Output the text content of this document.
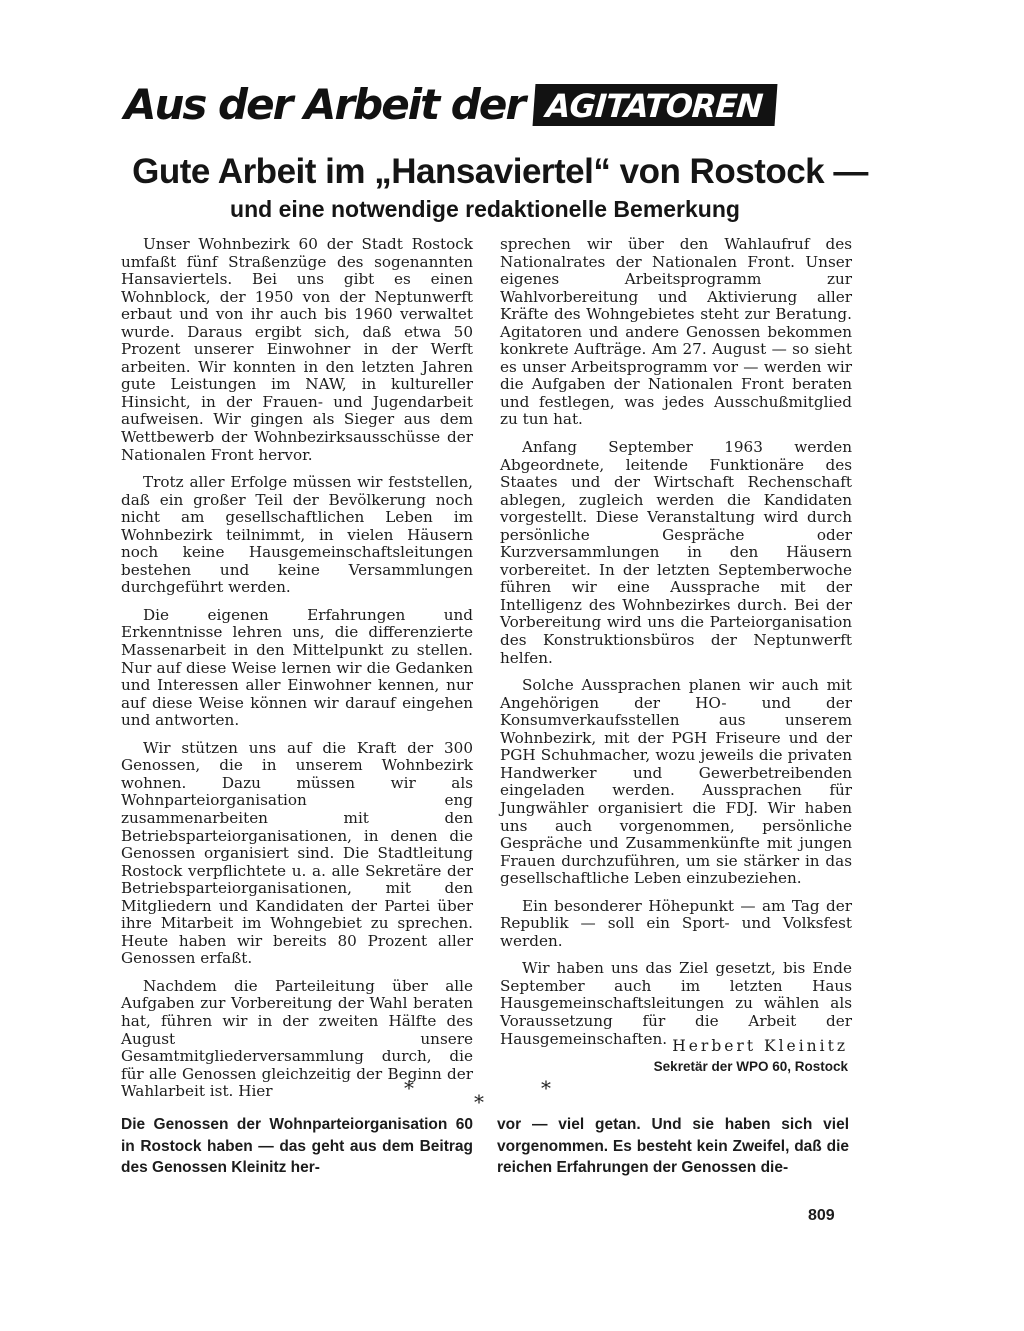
Aus der Arbeit der AGITATOREN
Gute Arbeit im „Hansaviertel“ von Rostock —
und eine notwendige redaktionelle Bemerkung

Unser Wohnbezirk 60 der Stadt Rostock umfaßt fünf Straßenzüge des sogenannten Hansaviertels. Bei uns gibt es einen Wohnblock, der 1950 von der Neptunwerft erbaut und von ihr auch bis 1960 verwaltet wurde. Daraus ergibt sich, daß etwa 50 Prozent unserer Einwohner in der Werft arbeiten. Wir konnten in den letzten Jahren gute Leistungen im NAW, in kultureller Hinsicht, in der Frauen- und Jugendarbeit aufweisen. Wir gingen als Sieger aus dem Wettbewerb der Wohnbezirksausschüsse der Nationalen Front hervor.

Trotz aller Erfolge müssen wir feststellen, daß ein großer Teil der Bevölkerung noch nicht am gesellschaftlichen Leben im Wohnbezirk teilnimmt, in vielen Häusern noch keine Hausgemeinschaftsleitungen bestehen und keine Versammlungen durchgeführt werden.

Die eigenen Erfahrungen und Erkenntnisse lehren uns, die differenzierte Massenarbeit in den Mittelpunkt zu stellen. Nur auf diese Weise lernen wir die Gedanken und Interessen aller Einwohner kennen, nur auf diese Weise können wir darauf eingehen und antworten.

Wir stützen uns auf die Kraft der 300 Genossen, die in unserem Wohnbezirk wohnen. Dazu müssen wir als Wohnparteiorganisation eng zusammenarbeiten mit den Betriebsparteiorganisationen, in denen die Genossen organisiert sind. Die Stadtleitung Rostock verpflichtete u. a. alle Sekretäre der Betriebsparteiorganisationen, mit den Mitgliedern und Kandidaten der Partei über ihre Mitarbeit im Wohngebiet zu sprechen. Heute haben wir bereits 80 Prozent aller Genossen erfaßt.

Nachdem die Parteileitung über alle Aufgaben zur Vorbereitung der Wahl beraten hat, führen wir in der zweiten Hälfte des August unsere Gesamtmitgliederversammlung durch, die für alle Genossen gleichzeitig der Beginn der Wahlarbeit ist. Hier

sprechen wir über den Wahlaufruf des Nationalrates der Nationalen Front. Unser eigenes Arbeitsprogramm zur Wahlvorbereitung und Aktivierung aller Kräfte des Wohngebietes steht zur Beratung. Agitatoren und andere Genossen bekommen konkrete Aufträge. Am 27. August — so sieht es unser Arbeitsprogramm vor — werden wir die Aufgaben der Nationalen Front beraten und festlegen, was jedes Ausschußmitglied zu tun hat.

Anfang September 1963 werden Abgeordnete, leitende Funktionäre des Staates und der Wirtschaft Rechenschaft ablegen, zugleich werden die Kandidaten vorgestellt. Diese Veranstaltung wird durch persönliche Gespräche oder Kurzversammlungen in den Häusern vorbereitet. In der letzten Septemberwoche führen wir eine Aussprache mit der Intelligenz des Wohnbezirkes durch. Bei der Vorbereitung wird uns die Parteiorganisation des Konstruktionsbüros der Neptunwerft helfen.

Solche Aussprachen planen wir auch mit Angehörigen der HO- und der Konsumverkaufsstellen aus unserem Wohnbezirk, mit der PGH Friseure und der PGH Schuhmacher, wozu jeweils die privaten Handwerker und Gewerbetreibenden eingeladen werden. Aussprachen für Jungwähler organisiert die FDJ. Wir haben uns auch vorgenommen, persönliche Gespräche und Zusammenkünfte mit jungen Frauen durchzuführen, um sie stärker in das gesellschaftliche Leben einzubeziehen.

Ein besonderer Höhepunkt — am Tag der Republik — soll ein Sport- und Volksfest werden.

Wir haben uns das Ziel gesetzt, bis Ende September auch im letzten Haus Hausgemeinschaftsleitungen zu wählen als Voraussetzung für die Arbeit der Hausgemeinschaften. Herbert Kleinitz
Sekretär der WPO 60, Rostock
*
*
*
Die Genossen der Wohnparteiorganisation 60 in Rostock haben — das geht aus dem Beitrag des Genossen Kleinitz her-
vor — viel getan. Und sie haben sich viel vorgenommen. Es besteht kein Zweifel, daß die reichen Erfahrungen der Genossen die-
809
